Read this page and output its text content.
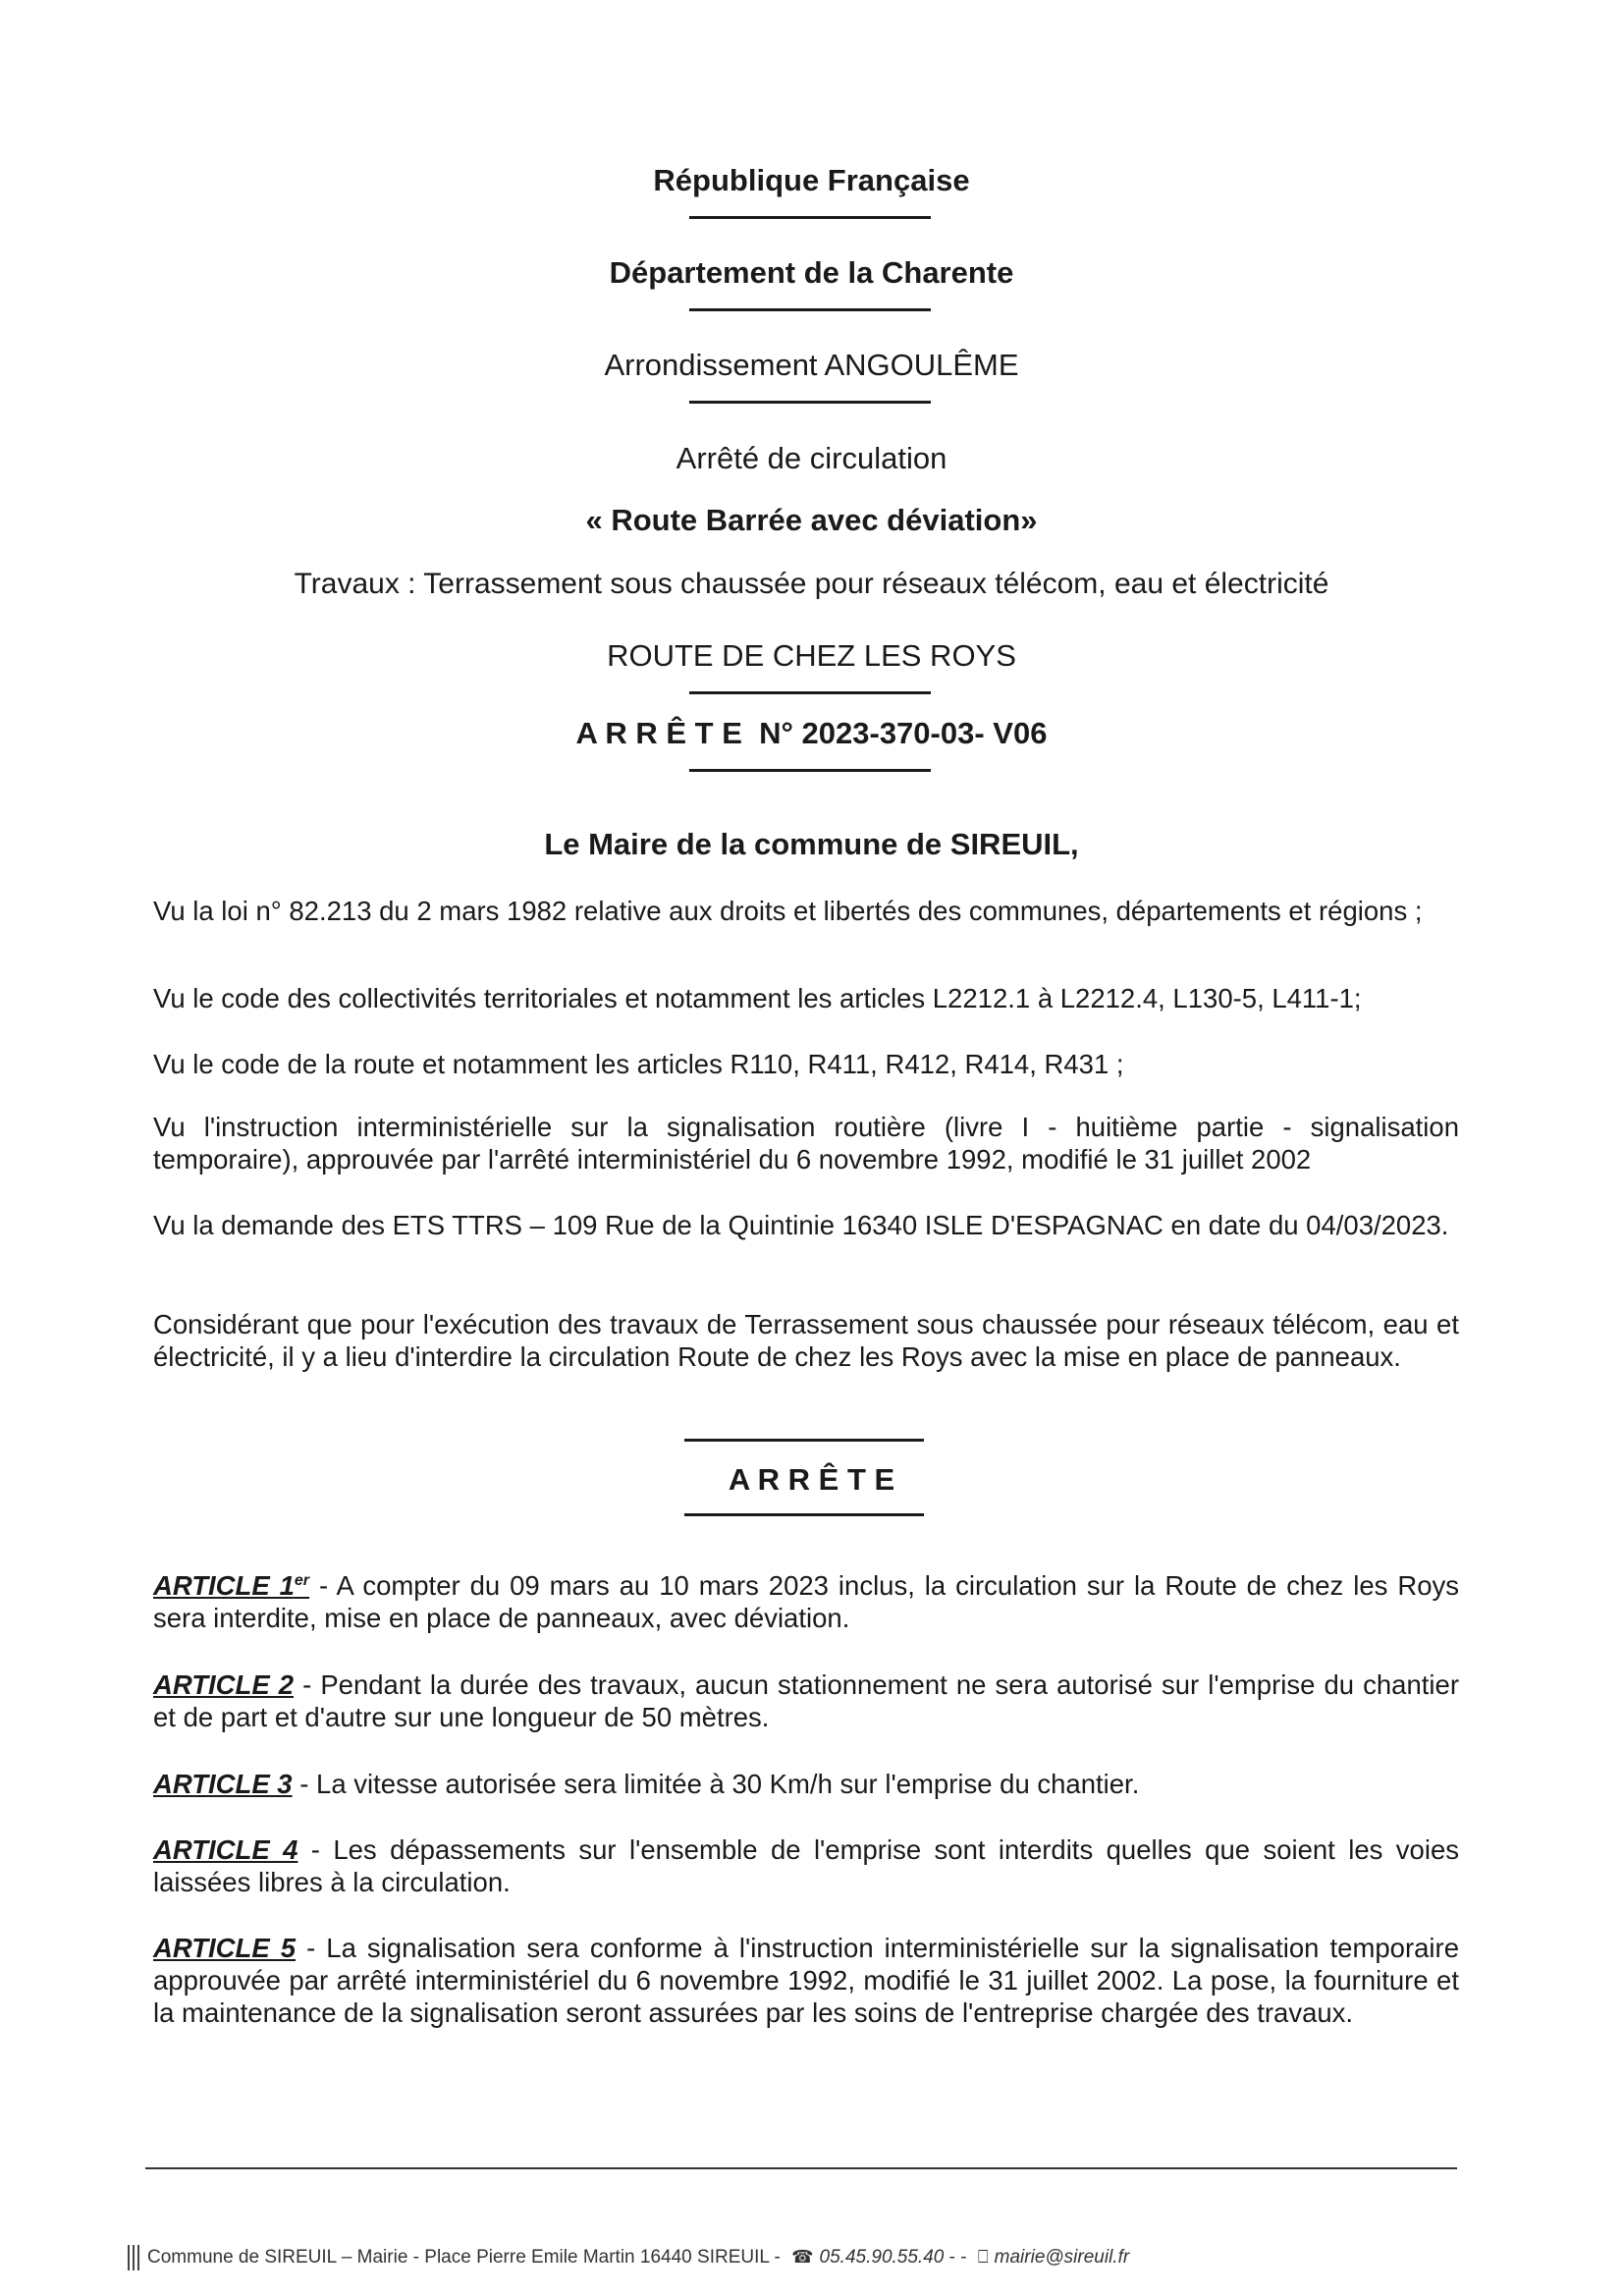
République Française
Département de la Charente
Arrondissement ANGOULÊME
Arrêté de circulation
« Route Barrée avec déviation»
Travaux : Terrassement sous chaussée pour réseaux télécom, eau et électricité
ROUTE DE CHEZ LES ROYS
A R R Ê T E  N° 2023-370-03- V06
Le Maire de la commune de SIREUIL,
Vu la loi n° 82.213 du 2 mars 1982 relative aux droits et libertés des communes, départements et régions ;
Vu le code des collectivités territoriales et notamment les articles L2212.1 à L2212.4, L130-5, L411-1;
Vu le code de la route et notamment les articles R110, R411, R412, R414, R431 ;
Vu l'instruction interministérielle sur la signalisation routière (livre I - huitième partie - signalisation temporaire), approuvée par l'arrêté interministériel du 6 novembre 1992, modifié le 31 juillet 2002
Vu la demande des ETS TTRS – 109 Rue de la Quintinie 16340 ISLE D'ESPAGNAC en date du 04/03/2023.
Considérant que pour l'exécution des travaux de Terrassement sous chaussée pour réseaux télécom, eau et électricité, il y a lieu d'interdire la circulation Route de chez les Roys avec la mise en place de panneaux.
A R R Ê T E
ARTICLE 1er - A compter du 09 mars au 10 mars 2023 inclus, la circulation sur la Route de chez les Roys sera interdite, mise en place de panneaux, avec déviation.
ARTICLE 2 - Pendant la durée des travaux, aucun stationnement ne sera autorisé sur l'emprise du chantier et de part et d'autre sur une longueur de 50 mètres.
ARTICLE 3 - La vitesse autorisée sera limitée à 30 Km/h sur l'emprise du chantier.
ARTICLE 4 - Les dépassements sur l'ensemble de l'emprise sont interdits quelles que soient les voies laissées libres à la circulation.
ARTICLE 5 - La signalisation sera conforme à l'instruction interministérielle sur la signalisation temporaire approuvée par arrêté interministériel du 6 novembre 1992, modifié le 31 juillet 2002. La pose, la fourniture et la maintenance de la signalisation seront assurées par les soins de l'entreprise chargée des travaux.
Commune de SIREUIL – Mairie - Place Pierre Emile Martin 16440 SIREUIL - ☎ 05.45.90.55.40 - - ⎕ mairie@sireuil.fr
